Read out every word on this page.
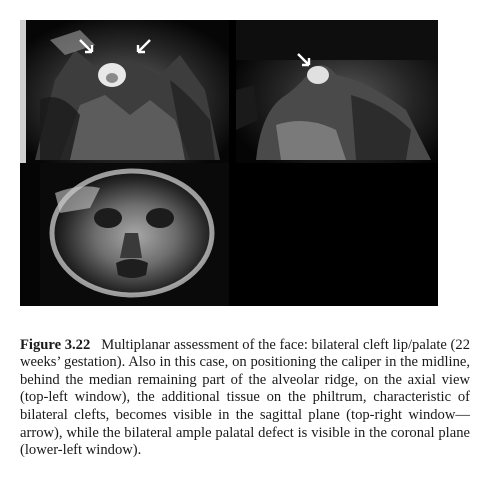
Figure 3.22 Multiplanar assessment of the face: bilateral cleft lip/palate (22 weeks’ gestation). Also in this case, on positioning the caliper in the midline, behind the median remaining part of the alveolar ridge, on the axial view (top-left window), the additional tissue on the philtrum, characteristic of bilateral clefts, becomes visible in the sagittal plane (top-right window—arrow), while the bilateral ample palatal defect is visible in the coronal plane (lower-left window).
